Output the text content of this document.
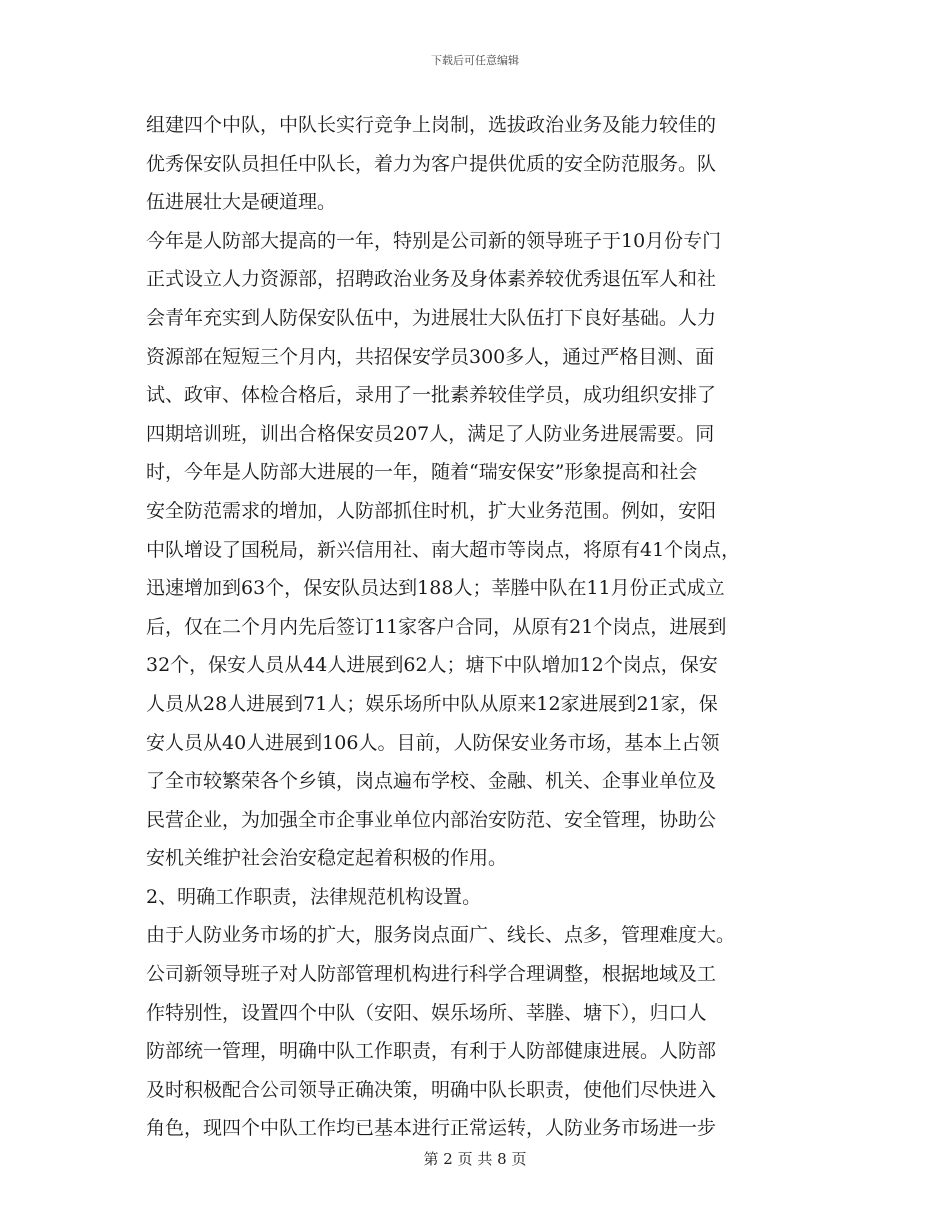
下载后可任意编辑
组建四个中队，中队长实行竞争上岗制，选拔政治业务及能力较佳的
优秀保安队员担任中队长，着力为客户提供优质的安全防范服务。队
伍进展壮大是硬道理。
今年是人防部大提高的一年，特别是公司新的领导班子于10月份专门
正式设立人力资源部，招聘政治业务及身体素养较优秀退伍军人和社
会青年充实到人防保安队伍中，为进展壮大队伍打下良好基础。人力
资源部在短短三个月内，共招保安学员300多人，通过严格目测、面
试、政审、体检合格后，录用了一批素养较佳学员，成功组织安排了
四期培训班，训出合格保安员207人，满足了人防业务进展需要。同
时，今年是人防部大进展的一年，随着“瑞安保安”形象提高和社会
安全防范需求的增加，人防部抓住时机，扩大业务范围。例如，安阳
中队增设了国税局，新兴信用社、南大超市等岗点，将原有41个岗点，
迅速增加到63个，保安队员达到188人；莘塍中队在11月份正式成立
后，仅在二个月内先后签订11家客户合同，从原有21个岗点，进展到
32个，保安人员从44人进展到62人；塘下中队增加12个岗点，保安
人员从28人进展到71人；娱乐场所中队从原来12家进展到21家，保
安人员从40人进展到106人。目前，人防保安业务市场，基本上占领
了全市较繁荣各个乡镇，岗点遍布学校、金融、机关、企事业单位及
民营企业，为加强全市企事业单位内部治安防范、安全管理，协助公
安机关维护社会治安稳定起着积极的作用。
2、明确工作职责，法律规范机构设置。
由于人防业务市场的扩大，服务岗点面广、线长、点多，管理难度大。
公司新领导班子对人防部管理机构进行科学合理调整，根据地域及工
作特别性，设置四个中队（安阳、娱乐场所、莘塍、塘下），归口人
防部统一管理，明确中队工作职责，有利于人防部健康进展。人防部
及时积极配合公司领导正确决策，明确中队长职责，使他们尽快进入
角色，现四个中队工作均已基本进行正常运转，人防业务市场进一步
第 2 页 共 8 页
